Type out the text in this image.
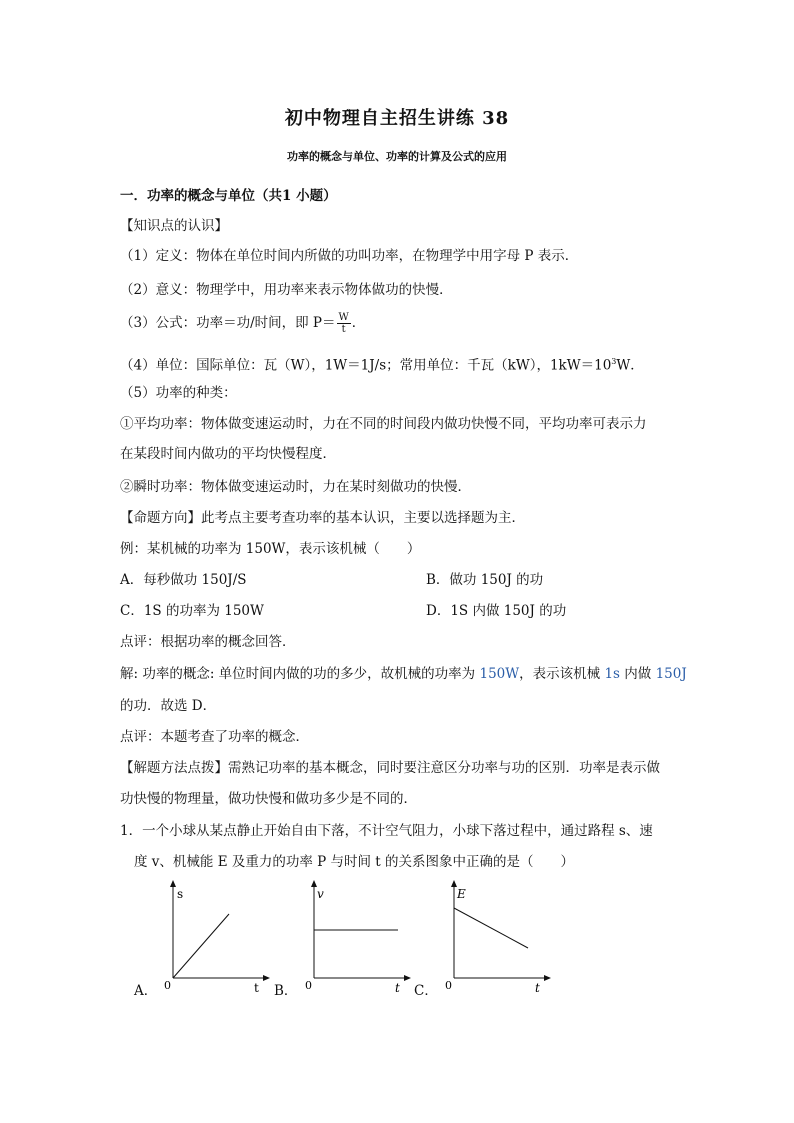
初中物理自主招生讲练 38
功率的概念与单位、功率的计算及公式的应用
一．功率的概念与单位（共1 小题）
【知识点的认识】
（1）定义：物体在单位时间内所做的功叫功率，在物理学中用字母 P 表示．
（2）意义：物理学中，用功率来表示物体做功的快慢．
（3）公式：功率＝功/时间，即 $P= \frac{W}{t}$ ．
（4）单位：国际单位：瓦（W），1W＝1J/s；常用单位：千瓦（kW），$1kW=10^3W$．
（5）功率的种类：
①平均功率：物体做变速运动时，力在不同的时间段内做功快慢不同，平均功率可表示力
在某段时间内做功的平均快慢程度．
②瞬时功率：物体做变速运动时，力在某时刻做功的快慢．
【命题方向】此考点主要考查功率的基本认识，主要以选择题为主．
例：某机械的功率为 150W，表示该机械（　　）
A．每秒做功 150J/S	B．做功 150J 的功
C．1S 的功率为 150W	D．1S 内做 150J 的功
点评：根据功率的概念回答．
解: 功率的概念: 单位时间内做的功的多少，故机械的功率为 150W，表示该机械 1s 内做 150J
的功．故选 D．
点评：本题考查了功率的概念．
【解题方法点拨】需熟记功率的基本概念，同时要注意区分功率与功的区别．功率是表示做
功快慢的物理量，做功快慢和做功多少是不同的．
1．一个小球从某点静止开始自由下落，不计空气阻力，小球下落过程中，通过路程 s、速
度 v、机械能 E 及重力的功率 P 与时间 t 的关系图象中正确的是（　　）
A．
s
0	t B．
v
0	t C．
E
0	t
